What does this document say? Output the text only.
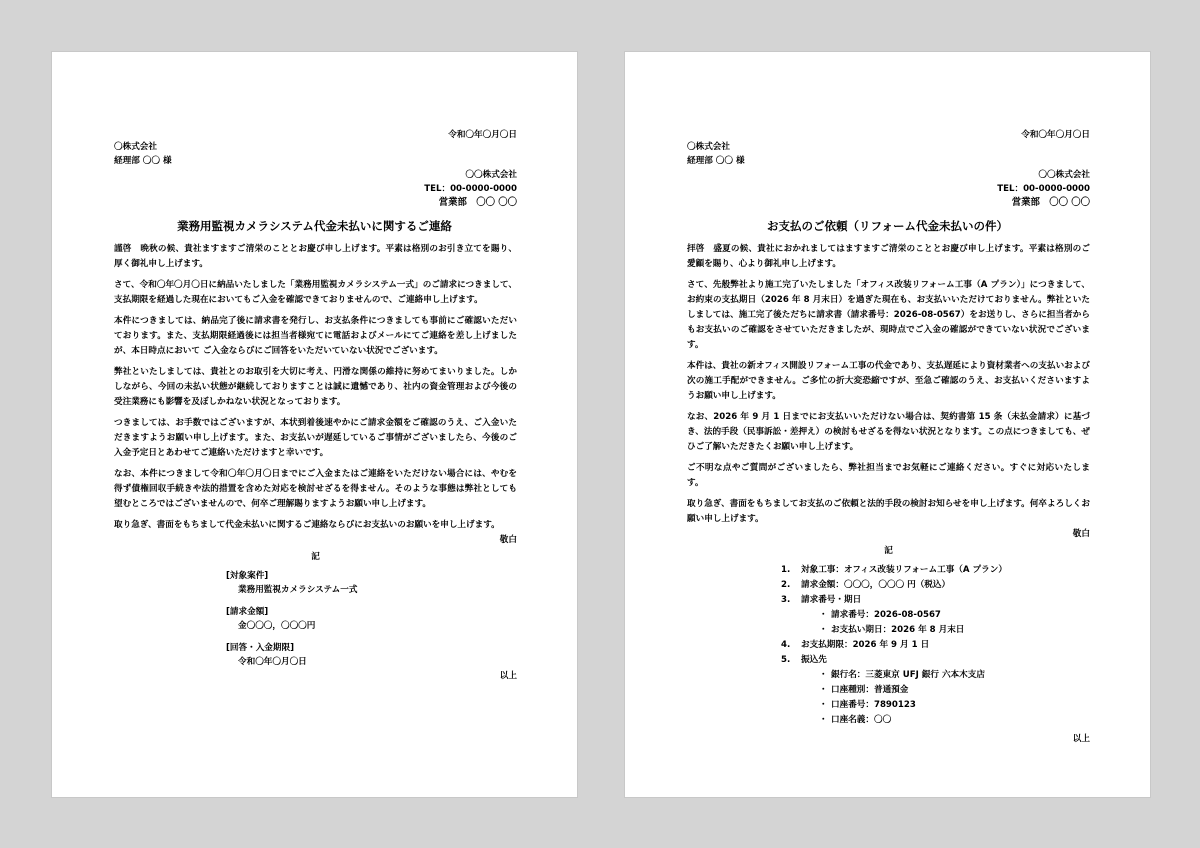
令和〇年〇月〇日
〇株式会社
経理部 〇〇 様
〇〇株式会社
TEL：00-0000-0000
営業部　〇〇 〇〇
業務用監視カメラシステム代金未払いに関するご連絡

謹啓　晩秋の候、貴社ますますご清栄のこととお慶び申し上げます。平素は格別のお引き立てを賜り、厚く御礼申し上げます。

さて、令和〇年〇月〇日に納品いたしました「業務用監視カメラシステム一式」のご請求につきまして、支払期限を経過した現在においてもご入金を確認できておりませんので、ご連絡申し上げます。

本件につきましては、納品完了後に請求書を発行し、お支払条件につきましても事前にご確認いただいております。また、支払期限経過後には担当者様宛てに電話およびメールにてご連絡を差し上げましたが、本日時点において ご入金ならびにご回答をいただいていない状況でございます。

弊社といたしましては、貴社とのお取引を大切に考え、円滑な関係の維持に努めてまいりました。しかしながら、今回の未払い状態が継続しておりますことは誠に遺憾であり、社内の資金管理および今後の受注業務にも影響を及ぼしかねない状況となっております。

つきましては、お手数ではございますが、本状到着後速やかにご請求金額をご確認のうえ、ご入金いただきますようお願い申し上げます。また、お支払いが遅延しているご事情がございましたら、今後のご入金予定日とあわせてご連絡いただけますと幸いです。

なお、本件につきまして令和〇年〇月〇日までにご入金またはご連絡をいただけない場合には、やむを得ず債権回収手続きや法的措置を含めた対応を検討せざるを得ません。そのような事態は弊社としても望むところではございませんので、何卒ご理解賜りますようお願い申し上げます。

取り急ぎ、書面をもちまして代金未払いに関するご連絡ならびにお支払いのお願いを申し上げます。

敬白
記
[対象案件]
業務用監視カメラシステム一式
[請求金額]
金〇〇〇，〇〇〇円
[回答・入金期限]
令和〇年〇月〇日
以上
令和〇年〇月〇日
〇株式会社
経理部 〇〇 様
〇〇株式会社
TEL：00-0000-0000
営業部　〇〇 〇〇
お支払のご依頼（リフォーム代金未払いの件）

拝啓　盛夏の候、貴社におかれましてはますますご清栄のこととお慶び申し上げます。平素は格別のご愛顧を賜り、心より御礼申し上げます。

さて、先般弊社より施工完了いたしました「オフィス改装リフォーム工事（A プラン）」につきまして、お約束の支払期日（2026 年 8 月末日）を過ぎた現在も、お支払いいただけておりません。弊社といたしましては、施工完了後ただちに請求書（請求番号：2026-08-0567）をお送りし、さらに担当者からもお支払いのご確認をさせていただきましたが、現時点でご入金の確認ができていない状況でございます。

本件は、貴社の新オフィス開設リフォーム工事の代金であり、支払遅延により資材業者への支払いおよび次の施工手配ができません。ご多忙の折大変恐縮ですが、至急ご確認のうえ、お支払いくださいますようお願い申し上げます。

なお、2026 年 9 月 1 日までにお支払いいただけない場合は、契約書第 15 条（未払金請求）に基づき、法的手段（民事訴訟・差押え）の検討もせざるを得ない状況となります。この点につきましても、ぜひご了解いただきたくお願い申し上げます。

ご不明な点やご質問がございましたら、弊社担当までお気軽にご連絡ください。すぐに対応いたします。

取り急ぎ、書面をもちましてお支払のご依頼と法的手段の検討お知らせを申し上げます。何卒よろしくお願い申し上げます。

敬白
記
1. 対象工事：オフィス改装リフォーム工事（A プラン）
2. 請求金額：〇〇〇，〇〇〇 円（税込）
3. 請求番号・期日
・ 請求番号：2026-08-0567
・ お支払い期日：2026 年 8 月末日
4. お支払期限：2026 年 9 月 1 日
5. 振込先
・ 銀行名：三菱東京 UFJ 銀行 六本木支店
・ 口座種別：普通預金
・ 口座番号：7890123
・ 口座名義：〇〇
以上
